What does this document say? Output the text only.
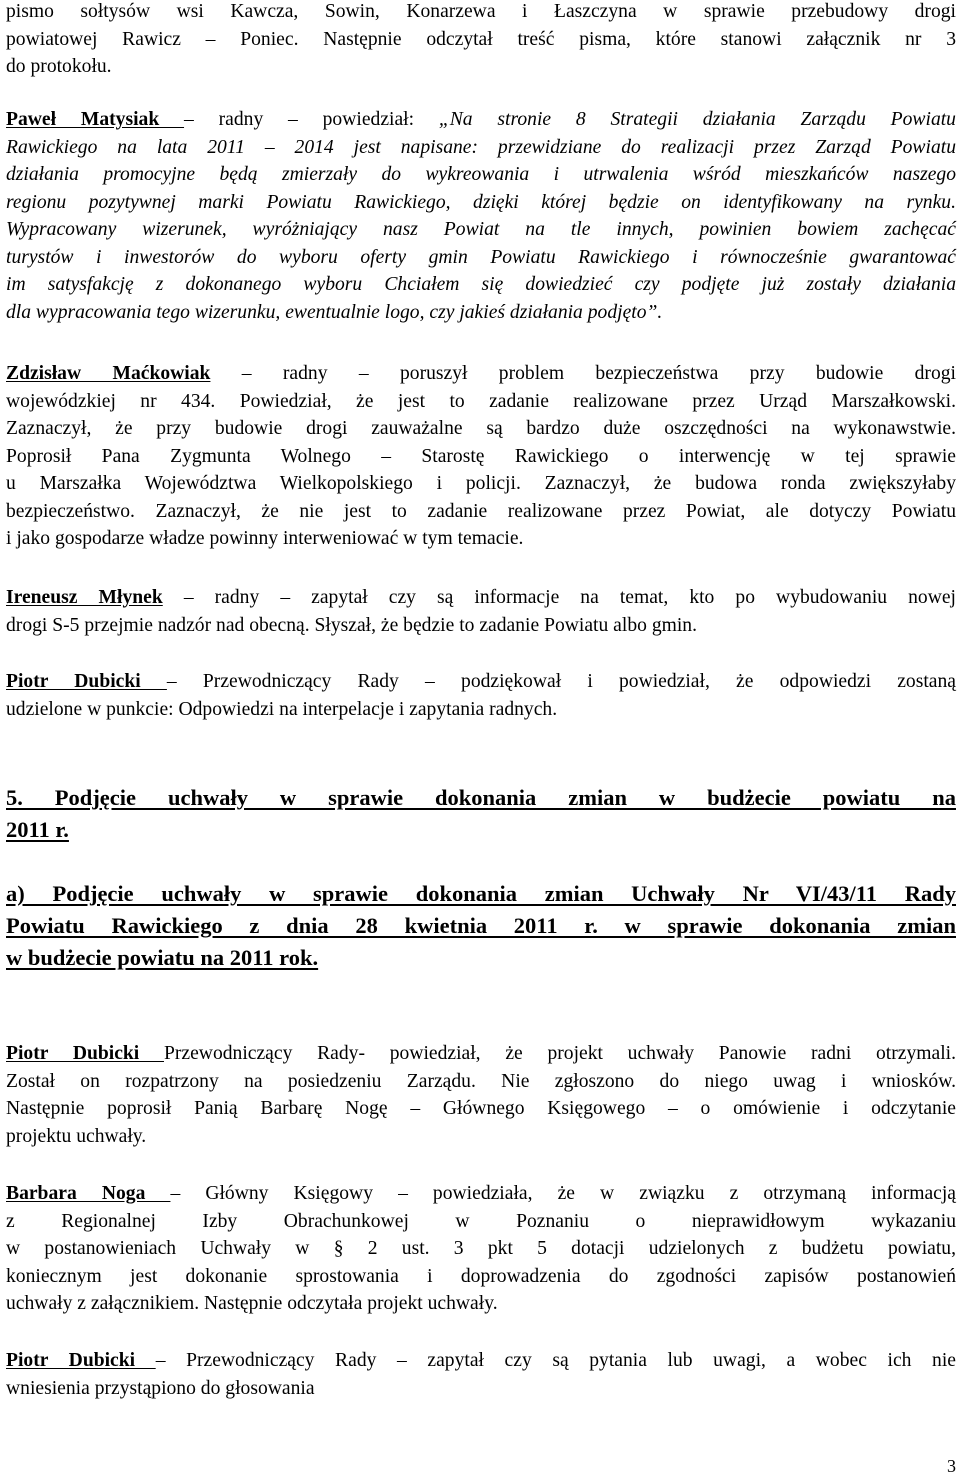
pismo sołtysów wsi Kawcza, Sowin, Konarzewa i Łaszczyna w sprawie przebudowy drogi
powiatowej Rawicz – Poniec. Następnie odczytał treść pisma, które stanowi załącznik nr 3
do protokołu.
Paweł Matysiak – radny – powiedział: „Na stronie 8 Strategii działania Zarządu Powiatu
Rawickiego na lata 2011 – 2014 jest napisane: przewidziane do realizacji przez Zarząd Powiatu
działania promocyjne będą zmierzały do wykreowania i utrwalenia wśród mieszkańców naszego
regionu pozytywnej marki Powiatu Rawickiego, dzięki której będzie on identyfikowany na rynku.
Wypracowany wizerunek, wyróżniający nasz Powiat na tle innych, powinien bowiem zachęcać
turystów i inwestorów do wyboru oferty gmin Powiatu Rawickiego i równocześnie gwarantować
im satysfakcję z dokonanego wyboru Chciałem się dowiedzieć czy podjęte już zostały działania
dla wypracowania tego wizerunku, ewentualnie logo, czy jakieś działania podjęto”.
Zdzisław Maćkowiak – radny – poruszył problem bezpieczeństwa przy budowie drogi
wojewódzkiej nr 434. Powiedział, że jest to zadanie realizowane przez Urząd Marszałkowski.
Zaznaczył, że przy budowie drogi zauważalne są bardzo duże oszczędności na wykonawstwie.
Poprosił Pana Zygmunta Wolnego – Starostę Rawickiego o interwencję w tej sprawie
u Marszałka Województwa Wielkopolskiego i policji. Zaznaczył, że budowa ronda zwiększyłaby
bezpieczeństwo. Zaznaczył, że nie jest to zadanie realizowane przez Powiat, ale dotyczy Powiatu
i jako gospodarze władze powinny interweniować w tym temacie.
Ireneusz Młynek – radny – zapytał czy są informacje na temat, kto po wybudowaniu nowej
drogi S-5 przejmie nadzór nad obecną. Słyszał, że będzie to zadanie Powiatu albo gmin.
Piotr Dubicki – Przewodniczący Rady – podziękował i powiedział, że odpowiedzi zostaną
udzielone w punkcie: Odpowiedzi na interpelacje i zapytania radnych.
5. Podjęcie uchwały w sprawie dokonania zmian w budżecie powiatu na
2011 r.
a) Podjęcie uchwały w sprawie dokonania zmian Uchwały Nr VI/43/11 Rady
Powiatu Rawickiego z dnia 28 kwietnia 2011 r. w sprawie dokonania zmian
w budżecie powiatu na 2011 rok.
Piotr Dubicki Przewodniczący Rady- powiedział, że projekt uchwały Panowie radni otrzymali.
Został on rozpatrzony na posiedzeniu Zarządu. Nie zgłoszono do niego uwag i wniosków.
Następnie poprosił Panią Barbarę Nogę – Głównego Księgowego – o omówienie i odczytanie
projektu uchwały.
Barbara Noga – Główny Księgowy – powiedziała, że w związku z otrzymaną informacją
z Regionalnej Izby Obrachunkowej w Poznaniu o nieprawidłowym wykazaniu
w postanowieniach Uchwały w § 2 ust. 3 pkt 5 dotacji udzielonych z budżetu powiatu,
koniecznym jest dokonanie sprostowania i doprowadzenia do zgodności zapisów postanowień
uchwały z załącznikiem. Następnie odczytała projekt uchwały.
Piotr Dubicki – Przewodniczący Rady – zapytał czy są pytania lub uwagi, a wobec ich nie
wniesienia przystąpiono do głosowania
3
